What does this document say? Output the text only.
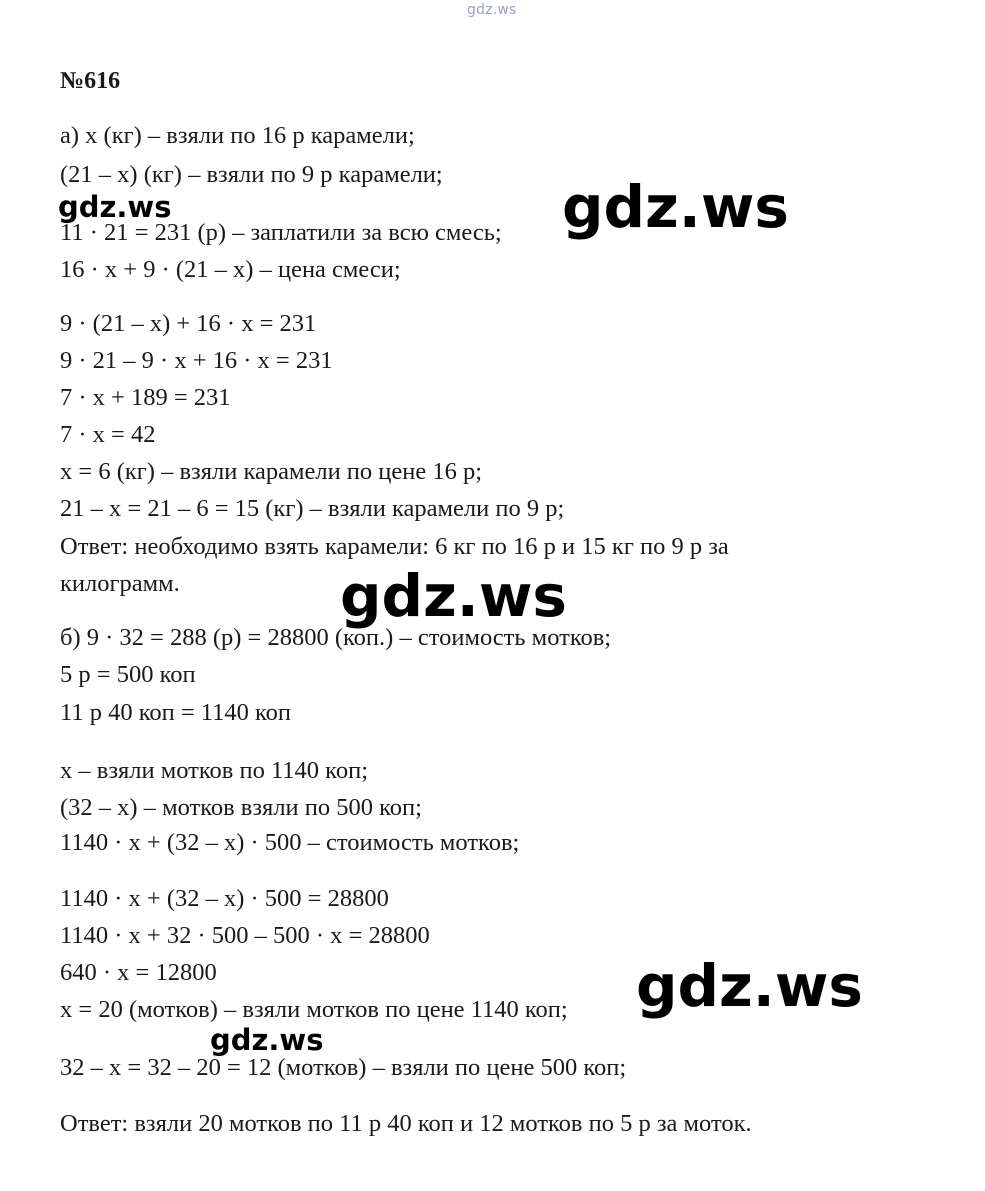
gdz.ws
№616
а) x (кг) – взяли по 16 р карамели;
(21 – x) (кг) – взяли по 9 р карамели;
11 · 21 = 231 (р) – заплатили за всю смесь;
16 · x + 9 · (21 – x) – цена смеси;
9 · (21 – x) + 16 · x = 231
9 · 21 – 9 · x + 16 · x = 231
7 · x + 189 = 231
7 · x = 42
x = 6 (кг) – взяли карамели по цене 16 р;
21 – x = 21 – 6 = 15 (кг) – взяли карамели по 9 р;
Ответ: необходимо взять карамели: 6 кг по 16 р и 15 кг по 9 р за
килограмм.
б) 9 · 32 = 288 (р) = 28800 (коп.) – стоимость мотков;
5 р = 500 коп
11 р 40 коп = 1140 коп
x – взяли мотков по 1140 коп;
(32 – x) – мотков взяли по 500 коп;
1140 · x + (32 – x) · 500 – стоимость мотков;
1140 · x + (32 – x) · 500 = 28800
1140 · x + 32 · 500 – 500 · x = 28800
640 · x = 12800
x = 20 (мотков) – взяли мотков по цене 1140 коп;
32 – x = 32 – 20 = 12 (мотков) – взяли по цене 500 коп;
Ответ: взяли 20 мотков по 11 р 40 коп и 12 мотков по 5 р за моток.
gdz.ws	gdz.ws
gdz.ws
gdz.ws
gdz.ws
